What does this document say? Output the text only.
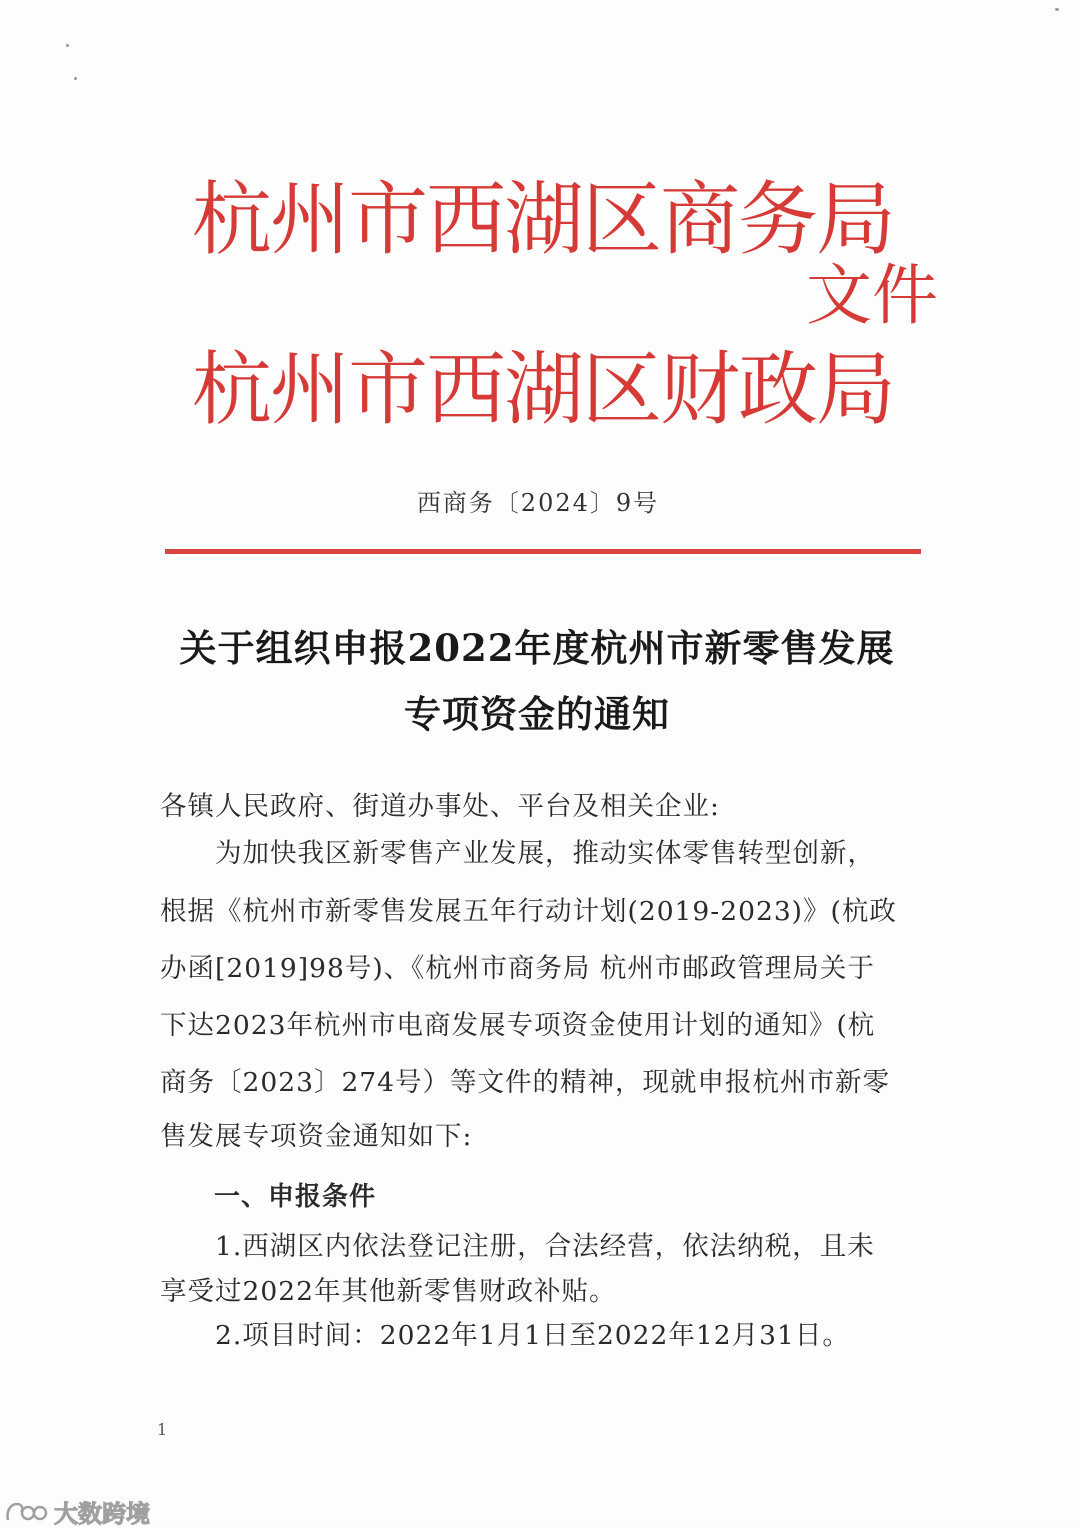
杭州市西湖区商务局
杭州市西湖区财政局
文件
西商务〔2024〕9号
关于组织申报2022年度杭州市新零售发展
专项资金的通知
各镇人民政府、街道办事处、平台及相关企业:
　　为加快我区新零售产业发展，推动实体零售转型创新，
根据《杭州市新零售发展五年行动计划(2019-2023)》(杭政
办函[2019]98号)、《杭州市商务局 杭州市邮政管理局关于
下达2023年杭州市电商发展专项资金使用计划的通知》(杭
商务〔2023〕274号）等文件的精神，现就申报杭州市新零
售发展专项资金通知如下:
　　一、申报条件
　　1.西湖区内依法登记注册，合法经营，依法纳税，且未
享受过2022年其他新零售财政补贴。
　　2.项目时间：2022年1月1日至2022年12月31日。
1
大数跨境
